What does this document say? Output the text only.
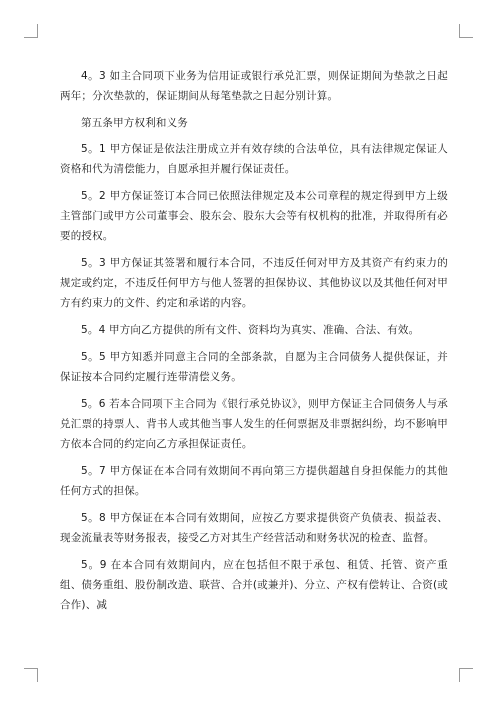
4。3 如主合同项下业务为信用证或银行承兑汇票，则保证期间为垫款之日起两年；分次垫款的，保证期间从每笔垫款之日起分别计算。

第五条甲方权利和义务

5。1 甲方保证是依法注册成立并有效存续的合法单位，具有法律规定保证人资格和代为清偿能力，自愿承担并履行保证责任。

5。2 甲方保证签订本合同已依照法律规定及本公司章程的规定得到甲方上级主管部门或甲方公司董事会、股东会、股东大会等有权机构的批准，并取得所有必要的授权。

5。3 甲方保证其签署和履行本合同，不违反任何对甲方及其资产有约束力的规定或约定，不违反任何甲方与他人签署的担保协议、其他协议以及其他任何对甲方有约束力的文件、约定和承诺的内容。

5。4 甲方向乙方提供的所有文件、资料均为真实、准确、合法、有效。

5。5 甲方知悉并同意主合同的全部条款，自愿为主合同债务人提供保证，并保证按本合同约定履行连带清偿义务。

5。6 若本合同项下主合同为《银行承兑协议》，则甲方保证主合同债务人与承兑汇票的持票人、背书人或其他当事人发生的任何票据及非票据纠纷，均不影响甲方依本合同的约定向乙方承担保证责任。

5。7 甲方保证在本合同有效期间不再向第三方提供超越自身担保能力的其他任何方式的担保。

5。8 甲方保证在本合同有效期间，应按乙方要求提供资产负债表、损益表、现金流量表等财务报表，接受乙方对其生产经营活动和财务状况的检查、监督。

5。9 在本合同有效期间内，应在包括但不限于承包、租赁、托管、资产重组、债务重组、股份制改造、联营、合并(或兼并)、分立、产权有偿转让、合资(或合作)、减
